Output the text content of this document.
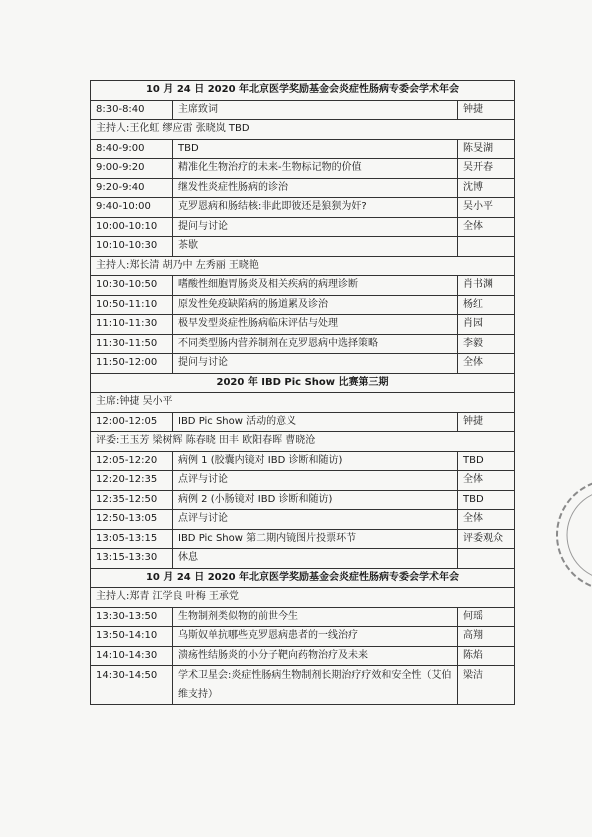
10 月 24 日 2020 年北京医学奖励基金会炎症性肠病专委会学术年会		
8:30-8:40	主席致词	钟捷
主持人:王化虹 缪应雷 张晓岚 TBD		
8:40-9:00	TBD	陈旻湖
9:00-9:20	精准化生物治疗的未来-生物标记物的价值	吴开春
9:20-9:40	继发性炎症性肠病的诊治	沈博
9:40-10:00	克罗恩病和肠结核:非此即彼还是狼狈为奸?	吴小平
10:00-10:10	提问与讨论	全体
10:10-10:30	茶歇	
主持人:郑长清 胡乃中 左秀丽 王晓艳		
10:30-10:50	嗜酸性细胞胃肠炎及相关疾病的病理诊断	肖书渊
10:50-11:10	原发性免疫缺陷病的肠道累及诊治	杨红
11:10-11:30	极早发型炎症性肠病临床评估与处理	肖园
11:30-11:50	不同类型肠内营养制剂在克罗恩病中选择策略	李毅
11:50-12:00	提问与讨论	全体
2020 年 IBD Pic Show 比赛第三期		
主席:钟捷 吴小平		
12:00-12:05	IBD Pic Show 活动的意义	钟捷
评委:王玉芳 梁树辉 陈春晓 田丰 欧阳春晖 曹晓沧		
12:05-12:20	病例 1 (胶囊内镜对 IBD 诊断和随访)	TBD
12:20-12:35	点评与讨论	全体
12:35-12:50	病例 2 (小肠镜对 IBD 诊断和随访)	TBD
12:50-13:05	点评与讨论	全体
13:05-13:15	IBD Pic Show 第二期内镜图片投票环节	评委观众
13:15-13:30	休息	
10 月 24 日 2020 年北京医学奖励基金会炎症性肠病专委会学术年会		
主持人:郑青 江学良 叶梅 王承党		
13:30-13:50	生物制剂类似物的前世今生	何瑶
13:50-14:10	乌斯奴单抗哪些克罗恩病患者的一线治疗	高翔
14:10-14:30	溃疡性结肠炎的小分子靶向药物治疗及未来	陈焰
14:30-14:50	学术卫星会:炎症性肠病生物制剂长期治疗疗效和安全性（艾伯维支持）	梁洁
